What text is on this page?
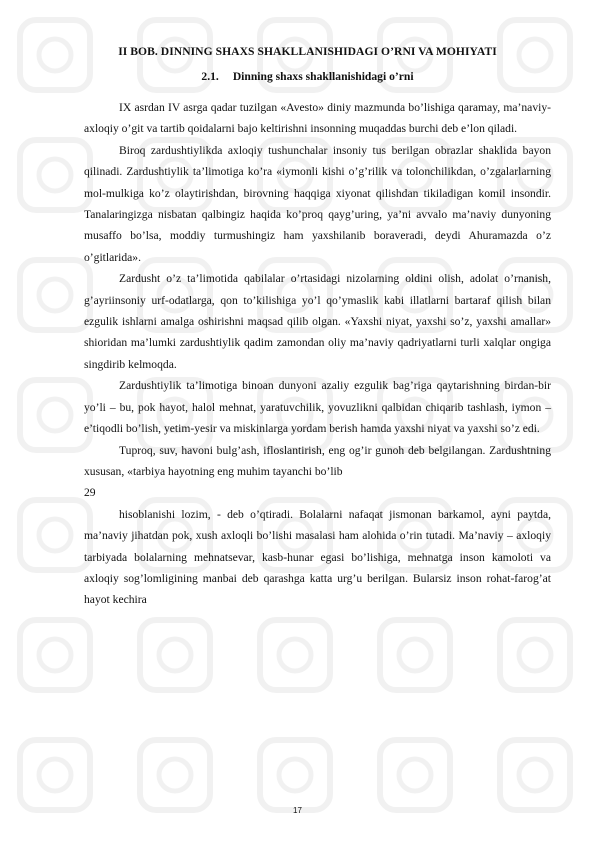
II BOB. DINNING SHAXS SHAKLLANISHIDAGI O’RNI VA MOHIYATI
2.1. Dinning shaxs shakllanishidagi o’rni

IX asrdan IV asrga qadar tuzilgan «Avesto» diniy mazmunda bo’lishiga qaramay, ma’naviy-axloqiy o’git va tartib qoidalarni bajo keltirishni insonning muqaddas burchi deb e’lon qiladi.

Biroq zardushtiylikda axloqiy tushunchalar insoniy tus berilgan obrazlar shaklida bayon qilinadi. Zardushtiylik ta’limotiga ko’ra «iymonli kishi o’g’rilik va tolonchilikdan, o’zgalarlarning mol-mulkiga ko’z olaytirishdan, birovning haqqiga xiyonat qilishdan tikiladigan komil insondir. Tanalaringizga nisbatan qalbingiz haqida ko’proq qayg’uring, ya’ni avvalo ma’naviy dunyoning musaffo bo’lsa, moddiy turmushingiz ham yaxshilanib boraveradi, deydi Ahuramazda o’z o’gitlarida».

Zardusht o’z ta’limotida qabilalar o’rtasidagi nizolarning oldini olish, adolat o’rnanish, g’ayriinsoniy urf-odatlarga, qon to’kilishiga yo’l qo’ymaslik kabi illatlarni bartaraf qilish bilan ezgulik ishlarni amalga oshirishni maqsad qilib olgan. «Yaxshi niyat, yaxshi so’z, yaxshi amallar» shioridan ma’lumki zardushtiylik qadim zamondan oliy ma’naviy qadriyatlarni turli xalqlar ongiga singdirib kelmoqda.

Zardushtiylik ta’limotiga binoan dunyoni azaliy ezgulik bag’riga qaytarishning birdan-bir yo’li – bu, pok hayot, halol mehnat, yaratuvchilik, yovuzlikni qalbidan chiqarib tashlash, iymon – e’tiqodli bo’lish, yetim-yesir va miskinlarga yordam berish hamda yaxshi niyat va yaxshi so’z edi.

Tuproq, suv, havoni bulg’ash, ifloslantirish, eng og’ir gunoh deb belgilangan. Zardushtning xususan, «tarbiya hayotning eng muhim tayanchi bo’lib

29

hisoblanishi lozim, - deb o’qtiradi. Bolalarni nafaqat jismonan barkamol, ayni paytda, ma’naviy jihatdan pok, xush axloqli bo’lishi masalasi ham alohida o’rin tutadi. Ma’naviy – axloqiy tarbiyada bolalarning mehnatsevar, kasb-hunar egasi bo’lishiga, mehnatga inson kamoloti va axloqiy sog’lomligining manbai deb qarashga katta urg’u berilgan. Bularsiz inson rohat-farog’at hayot kechira

17
